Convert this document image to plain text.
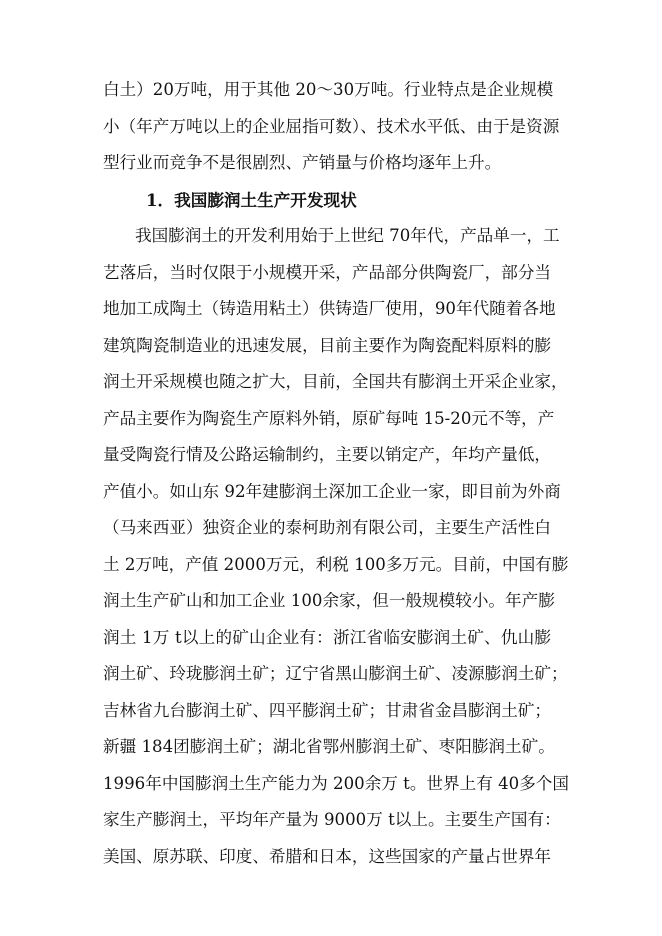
白土）20万吨，用于其他 20～30万吨。行业特点是企业规模
小（年产万吨以上的企业屈指可数）、技术水平低、由于是资源
型行业而竞争不是很剧烈、产销量与价格均逐年上升。
1．我国膨润土生产开发现状
我国膨润土的开发利用始于上世纪 70年代，产品单一，工
艺落后，当时仅限于小规模开采，产品部分供陶瓷厂，部分当
地加工成陶土（铸造用粘土）供铸造厂使用，90年代随着各地
建筑陶瓷制造业的迅速发展，目前主要作为陶瓷配料原料的膨
润土开采规模也随之扩大，目前，全国共有膨润土开采企业家，
产品主要作为陶瓷生产原料外销，原矿每吨 15-20元不等，产
量受陶瓷行情及公路运输制约，主要以销定产，年均产量低，
产值小。如山东 92年建膨润土深加工企业一家，即目前为外商
（马来西亚）独资企业的泰柯助剂有限公司，主要生产活性白
土 2万吨，产值 2000万元，利税 100多万元。目前，中国有膨
润土生产矿山和加工企业 100余家，但一般规模较小。年产膨
润土 1万 t以上的矿山企业有：浙江省临安膨润土矿、仇山膨
润土矿、玲珑膨润土矿；辽宁省黑山膨润土矿、凌源膨润土矿；
吉林省九台膨润土矿、四平膨润土矿；甘肃省金昌膨润土矿；
新疆 184团膨润土矿；湖北省鄂州膨润土矿、枣阳膨润土矿。
1996年中国膨润土生产能力为 200余万 t。世界上有 40多个国
家生产膨润土，平均年产量为 9000万 t以上。主要生产国有：
美国、原苏联、印度、希腊和日本，这些国家的产量占世界年
